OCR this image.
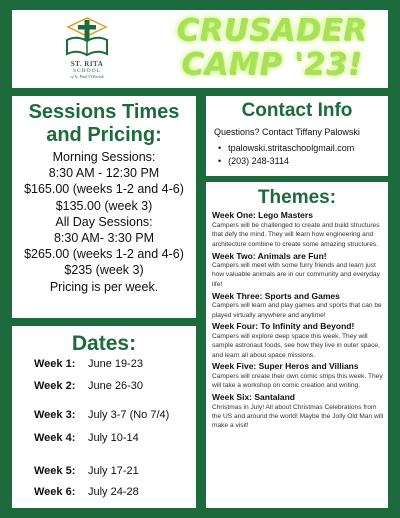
ST. RITA
SCHOOL
of St. Paul VI Parish
CRUSADER
CAMP '23!
Sessions Times
and Pricing:
Morning Sessions:
8:30 AM - 12:30 PM
$165.00 (weeks 1-2 and 4-6)
$135.00 (week 3)
All Day Sessions:
8:30 AM- 3:30 PM
$265.00 (weeks 1-2 and 4-6)
$235 (week 3)
Pricing is per week.
Dates:
Week 1: June 19-23
Week 2: June 26-30
Week 3: July 3-7 (No 7/4)
Week 4: July 10-14
Week 5: July 17-21
Week 6: July 24-28
Contact Info
Questions? Contact Tiffany Palowski
• tpalowski.stritaschoolgmail.com
• (203) 248-3114
Themes:
Week One: Lego Masters
Campers will be challenged to create and build structures that defy the mind. They will learn how engineering and architecture combine to create some amazing structures.
Week Two: Animals are Fun!
Campers will meet with some furry friends and learn just how valuable animals are in our community and everyday life!
Week Three: Sports and Games
Campers will learn and play games and sports that can be played virtually anywhere and anytime!
Week Four: To Infinity and Beyond!
Campers will explore deep space this week. They will sample astronaut foods, see how they live in outer space, and learn all about space missions.
Week Five: Super Heros and Villians
Campers will create their own comic strips this week. They will take a workshop on comic creation and writing.
Week Six: Santaland
Christmas in July! All about Christmas Celebrations from the US and around the world! Maybe the Jolly Old Man will make a visit!
